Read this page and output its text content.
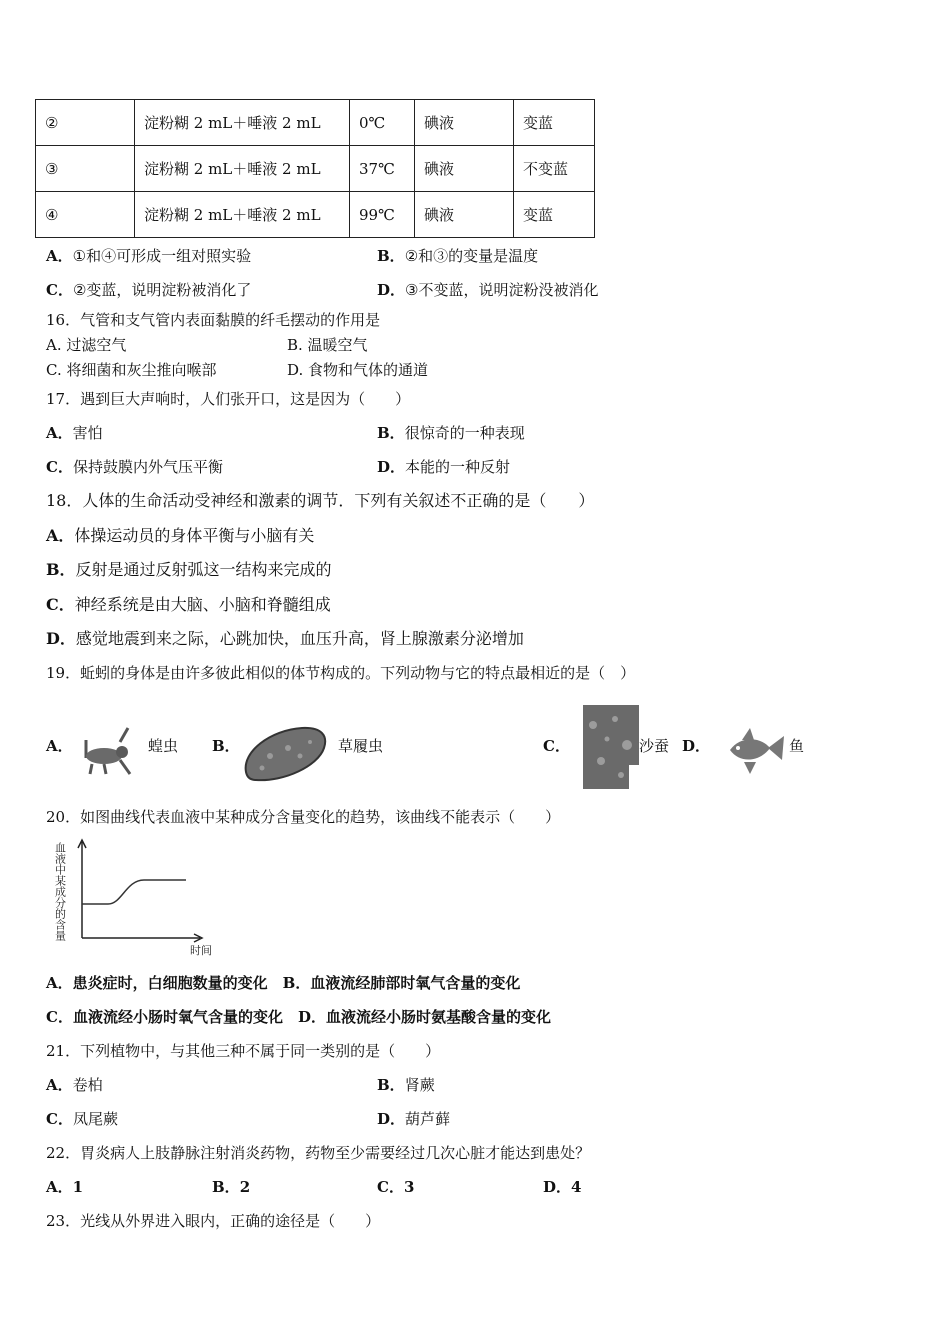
②	淀粉糊 2 mL＋唾液 2 mL	0℃	碘液	变蓝
③	淀粉糊 2 mL＋唾液 2 mL	37℃	碘液	不变蓝
④	淀粉糊 2 mL＋唾液 2 mL	99℃	碘液	变蓝
A．①和④可形成一组对照实验	B．②和③的变量是温度
C．②变蓝，说明淀粉被消化了	D．③不变蓝，说明淀粉没被消化
16．气管和支气管内表面黏膜的纤毛摆动的作用是
A. 过滤空气	B. 温暖空气
C. 将细菌和灰尘推向喉部	D. 食物和气体的通道
17．遇到巨大声响时，人们张开口，这是因为（　　）
A．害怕	B．很惊奇的一种表现
C．保持鼓膜内外气压平衡	D．本能的一种反射
18．人体的生命活动受神经和激素的调节．下列有关叙述不正确的是（　　）
A．体操运动员的身体平衡与小脑有关
B．反射是通过反射弧这一结构来完成的
C．神经系统是由大脑、小脑和脊髓组成
D．感觉地震到来之际，心跳加快，血压升高，肾上腺激素分泌增加
19．蚯蚓的身体是由许多彼此相似的体节构成的。下列动物与它的特点最相近的是（　）
A．	蝗虫 B．	草履虫	C．	沙蚕 D．	鱼
20．如图曲线代表血液中某种成分含量变化的趋势，该曲线不能表示（　　）
血液中某成分的含量
时间
A．患炎症时，白细胞数量的变化　B．血液流经肺部时氧气含量的变化
C．血液流经小肠时氧气含量的变化　D．血液流经小肠时氨基酸含量的变化
21．下列植物中，与其他三种不属于同一类别的是（　　）
A．卷柏	B．肾蕨
C．凤尾蕨	D．葫芦藓
22．胃炎病人上肢静脉注射消炎药物，药物至少需要经过几次心脏才能达到患处？
A．1	B．2	C．3	D．4
23．光线从外界进入眼内，正确的途径是（　　）
